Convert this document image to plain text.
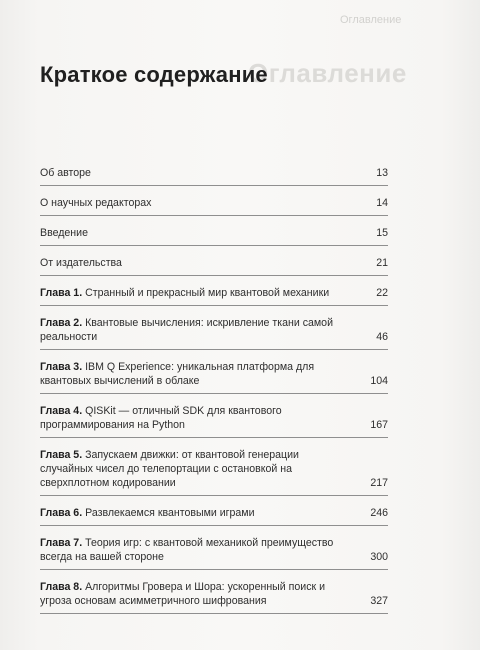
Оглавление
Оглавление
Краткое содержание
Об авторе	13
О научных редакторах	14
Введение	15
От издательства	21
Глава 1. Странный и прекрасный мир квантовой механики	22
Глава 2. Квантовые вычисления: искривление ткани самой реальности	46
Глава 3. IBM Q Experience: уникальная платформа для квантовых вычислений в облаке	104
Глава 4. QISKit — отличный SDK для квантового программирования на Python	167
Глава 5. Запускаем движки: от квантовой генерации случайных чисел до телепортации с остановкой на сверхплотном кодировании	217
Глава 6. Развлекаемся квантовыми играми	246
Глава 7. Теория игр: с квантовой механикой преимущество всегда на вашей стороне	300
Глава 8. Алгоритмы Гровера и Шора: ускоренный поиск и угроза основам асимметричного шифрования	327
